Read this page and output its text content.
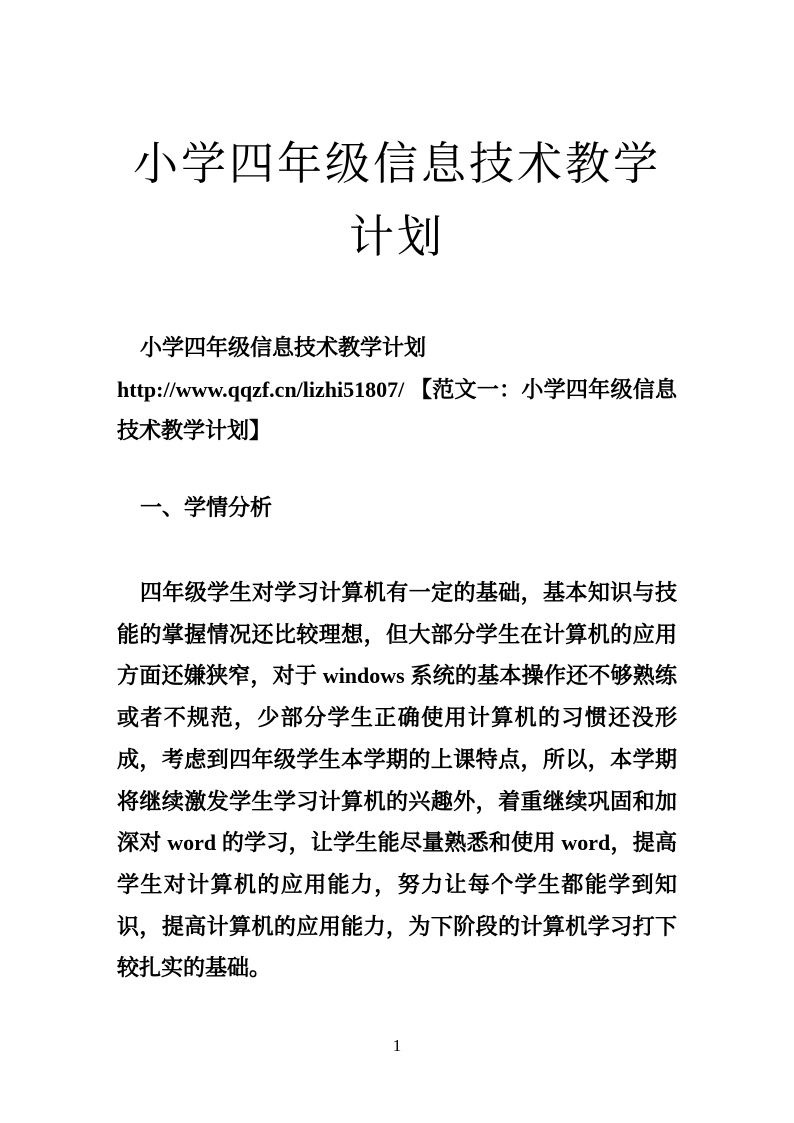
小学四年级信息技术教学
计划
小学四年级信息技术教学计划
http://www.qqzf.cn/lizhi51807/ 【范文一：小学四年级信息
技术教学计划】
一、学情分析
四年级学生对学习计算机有一定的基础，基本知识与技
能的掌握情况还比较理想，但大部分学生在计算机的应用
方面还嫌狭窄，对于 windows 系统的基本操作还不够熟练
或者不规范，少部分学生正确使用计算机的习惯还没形
成，考虑到四年级学生本学期的上课特点，所以，本学期
将继续激发学生学习计算机的兴趣外，着重继续巩固和加
深对 word 的学习，让学生能尽量熟悉和使用 word，提高
学生对计算机的应用能力，努力让每个学生都能学到知
识，提高计算机的应用能力，为下阶段的计算机学习打下
较扎实的基础。
1
